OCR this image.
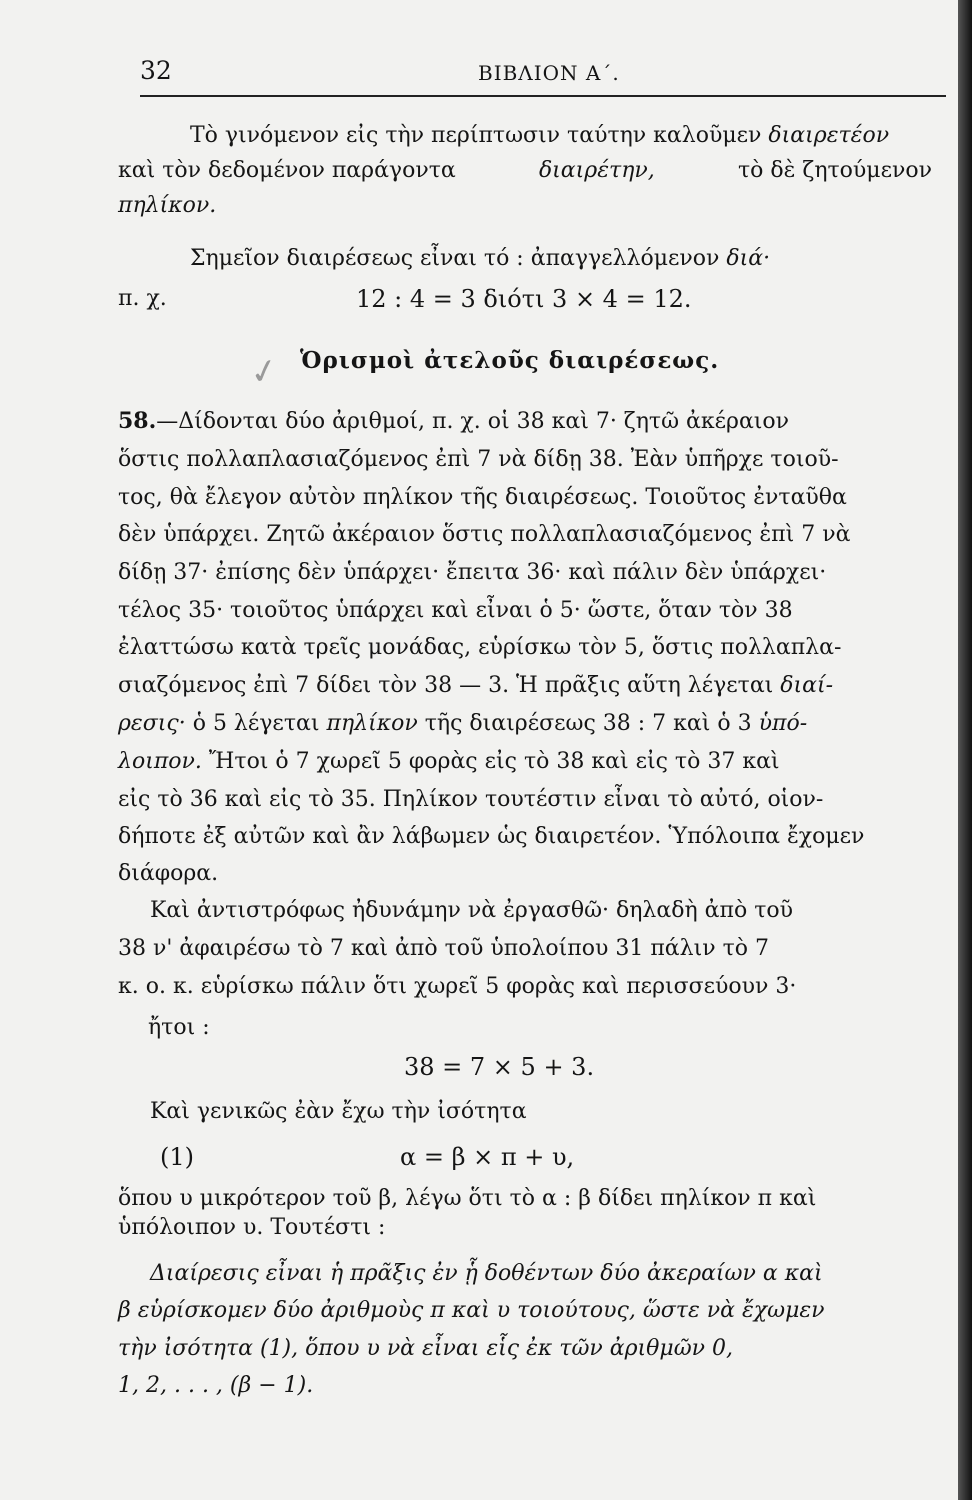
32	ΒΙΒΛΙΟΝ Α΄.
Τὸ γινόμενον εἰς τὴν περίπτωσιν ταύτην καλοῦμεν διαιρετέον
καὶ τὸν δεδομένον παράγοντα	διαιρέτην,	τὸ δὲ ζητούμενον
πηλίκον.
Σημεῖον διαιρέσεως εἶναι τό : ἀπαγγελλόμενον διά·
π. χ.	12 : 4 = 3 διότι 3 × 4 = 12.
✓ Ὁρισμοὶ ἀτελοῦς διαιρέσεως.
58.—Δίδονται δύο ἀριθμοί, π. χ. οἱ 38 καὶ 7· ζητῶ ἀκέραιον
ὅστις πολλαπλασιαζόμενος ἐπὶ 7 νὰ δίδῃ 38. Ἐὰν ὑπῆρχε τοιοῦ-
τος, θὰ ἔλεγον αὐτὸν πηλίκον τῆς διαιρέσεως. Τοιοῦτος ἐνταῦθα
δὲν ὑπάρχει. Ζητῶ ἀκέραιον ὅστις πολλαπλασιαζόμενος ἐπὶ 7 νὰ
δίδῃ 37· ἐπίσης δὲν ὑπάρχει· ἔπειτα 36· καὶ πάλιν δὲν ὑπάρχει·
τέλος 35· τοιοῦτος ὑπάρχει καὶ εἶναι ὁ 5· ὥστε, ὅταν τὸν 38
ἐλαττώσω κατὰ τρεῖς μονάδας, εὑρίσκω τὸν 5, ὅστις πολλαπλα-
σιαζόμενος ἐπὶ 7 δίδει τὸν 38 — 3. Ἡ πρᾶξις αὕτη λέγεται διαί-
ρεσις· ὁ 5 λέγεται πηλίκον τῆς διαιρέσεως 38 : 7 καὶ ὁ 3 ὑπό-
λοιπον. Ἤτοι ὁ 7 χωρεῖ 5 φορὰς εἰς τὸ 38 καὶ εἰς τὸ 37 καὶ
εἰς τὸ 36 καὶ εἰς τὸ 35. Πηλίκον τουτέστιν εἶναι τὸ αὐτό, οἱον-
δήποτε ἐξ αὐτῶν καὶ ἂν λάβωμεν ὡς διαιρετέον. Ὑπόλοιπα ἔχομεν
διάφορα.
Καὶ ἀντιστρόφως ἠδυνάμην νὰ ἐργασθῶ· δηλαδὴ ἀπὸ τοῦ
38 ν' ἀφαιρέσω τὸ 7 καὶ ἀπὸ τοῦ ὑπολοίπου 31 πάλιν τὸ 7
κ. ο. κ. εὑρίσκω πάλιν ὅτι χωρεῖ 5 φορὰς καὶ περισσεύουν 3·
ἤτοι :
38 = 7 × 5 + 3.
Καὶ γενικῶς ἐὰν ἔχω τὴν ἰσότητα
(1)	α = β × π + υ,
ὅπου υ μικρότερον τοῦ β, λέγω ὅτι τὸ α : β δίδει πηλίκον π καὶ
ὑπόλοιπον υ. Τουτέστι :
Διαίρεσις εἶναι ἡ πρᾶξις ἐν ᾗ δοθέντων δύο ἀκεραίων α καὶ
β εὑρίσκομεν δύο ἀριθμοὺς π καὶ υ τοιούτους, ὥστε νὰ ἔχωμεν
τὴν ἰσότητα (1), ὅπου υ νὰ εἶναι εἷς ἐκ τῶν ἀριθμῶν 0,
1, 2, . . . , (β − 1).
